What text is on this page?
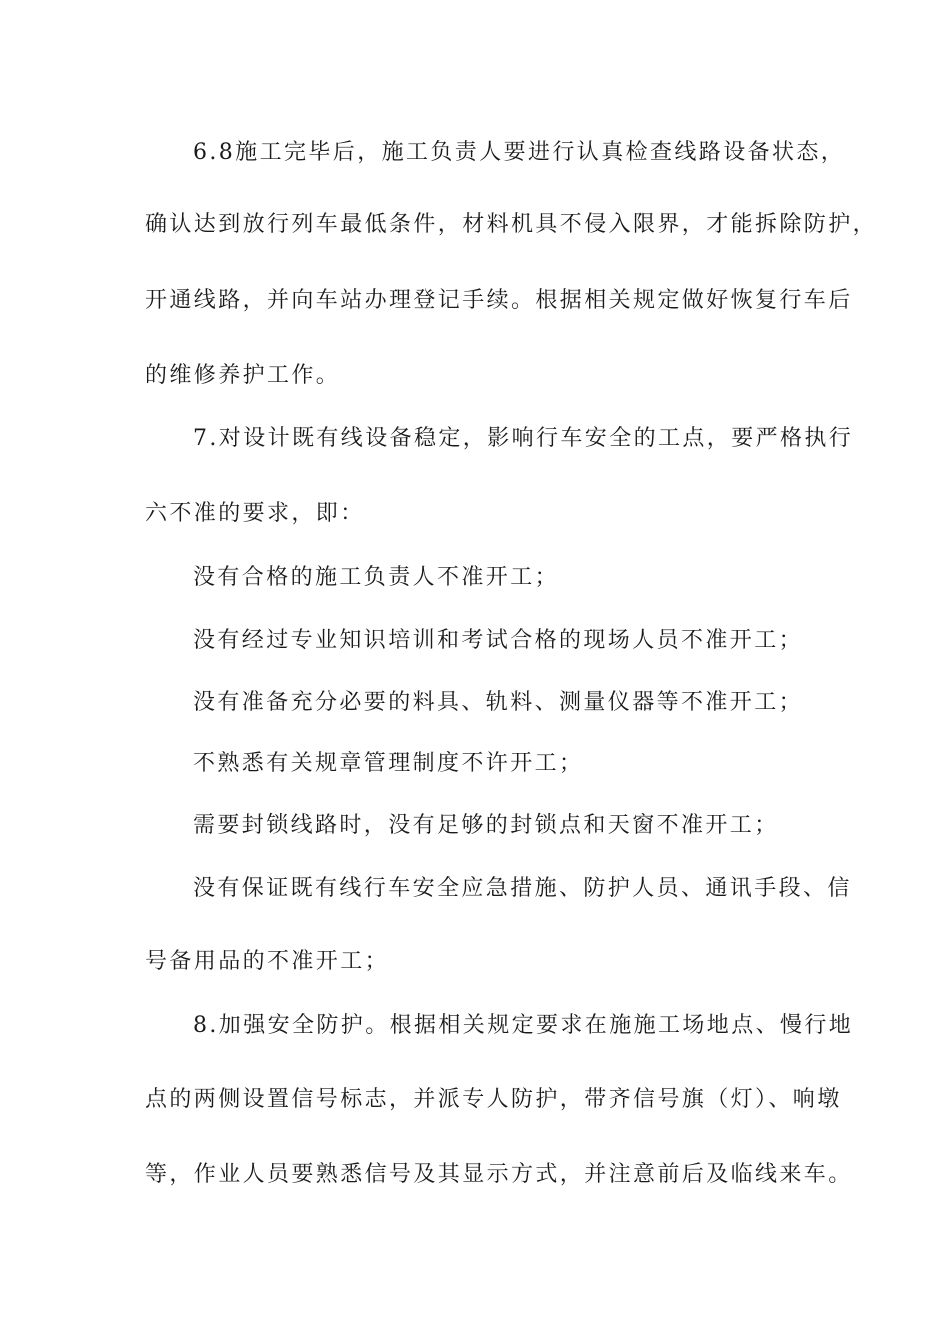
6.8施工完毕后，施工负责人要进行认真检查线路设备状态，
确认达到放行列车最低条件，材料机具不侵入限界，才能拆除防护，
开通线路，并向车站办理登记手续。根据相关规定做好恢复行车后
的维修养护工作。
7.对设计既有线设备稳定，影响行车安全的工点，要严格执行
六不准的要求，即：
没有合格的施工负责人不准开工；
没有经过专业知识培训和考试合格的现场人员不准开工；
没有准备充分必要的料具、轨料、测量仪器等不准开工；
不熟悉有关规章管理制度不许开工；
需要封锁线路时，没有足够的封锁点和天窗不准开工；
没有保证既有线行车安全应急措施、防护人员、通讯手段、信
号备用品的不准开工；
8.加强安全防护。根据相关规定要求在施施工场地点、慢行地
点的两侧设置信号标志，并派专人防护，带齐信号旗（灯）、响墩
等，作业人员要熟悉信号及其显示方式，并注意前后及临线来车。
